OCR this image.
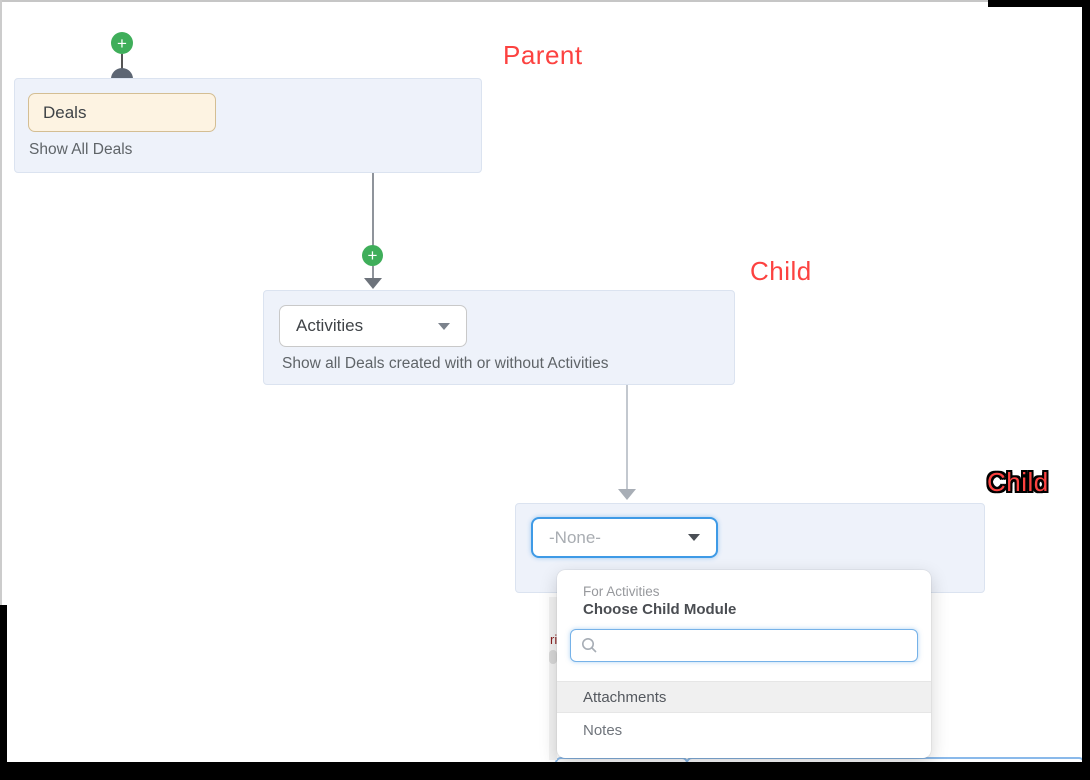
+
Deals
Show All Deals
Parent
+
Activities
Show all Deals created with or without Activities
Child
-None-
Child
ri
For Activities
Choose Child Module
Attachments
Notes
